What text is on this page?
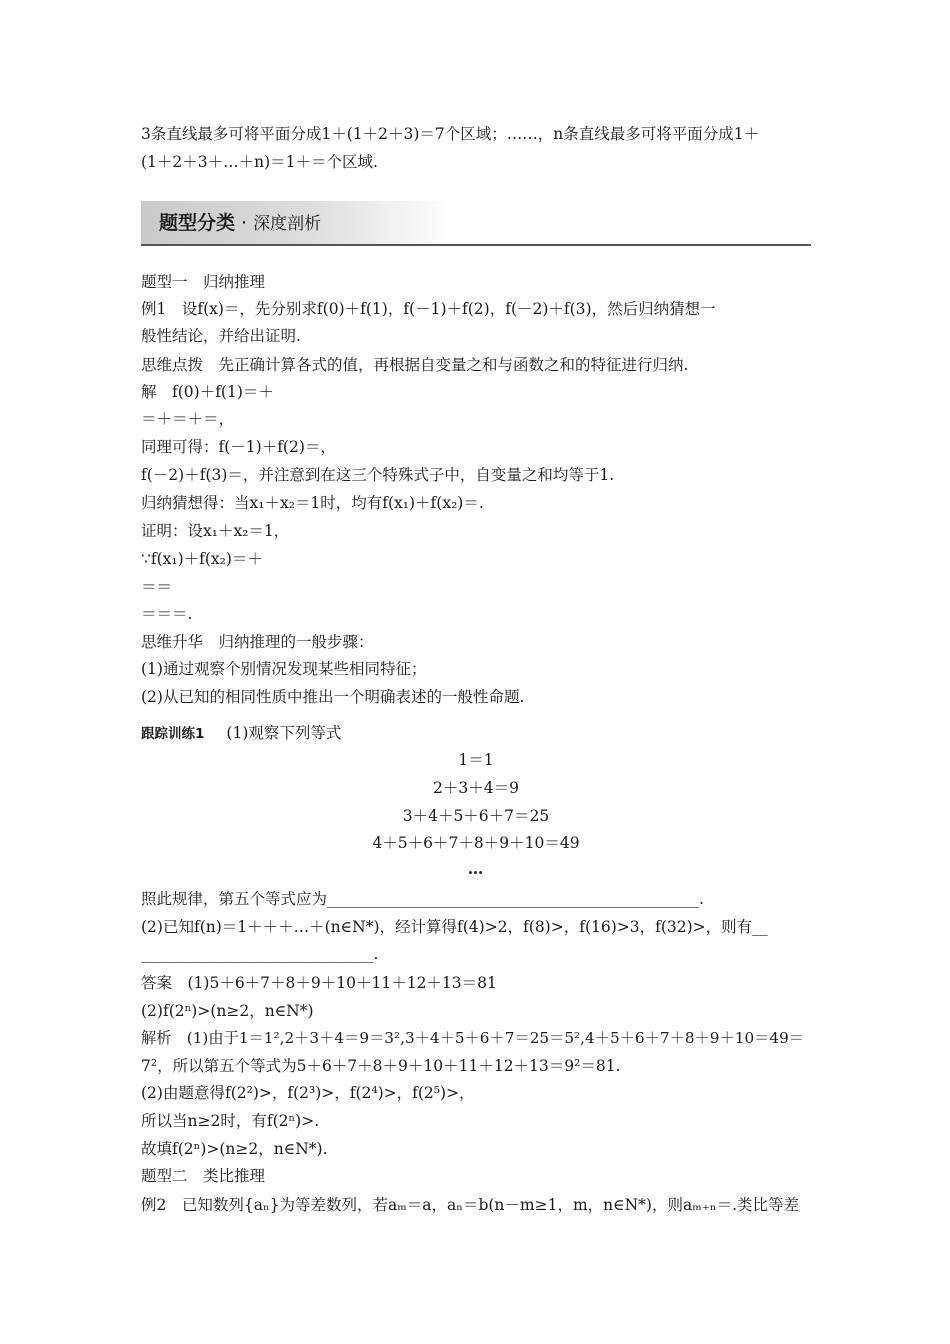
3条直线最多可将平面分成1＋(1＋2＋3)＝7个区域；……，n条直线最多可将平面分成1＋
(1＋2＋3＋…＋n)＝1＋＝个区域.
题型分类 · 深度剖析
题型一　归纳推理
例1　设f(x)＝，先分别求f(0)＋f(1)，f(－1)＋f(2)，f(－2)＋f(3)，然后归纳猜想一
般性结论，并给出证明.
思维点拨　先正确计算各式的值，再根据自变量之和与函数之和的特征进行归纳.
解　f(0)＋f(1)＝＋
＝＋＝＋＝，
同理可得：f(－1)＋f(2)＝，
f(－2)＋f(3)＝，并注意到在这三个特殊式子中，自变量之和均等于1.
归纳猜想得：当x₁＋x₂＝1时，均有f(x₁)＋f(x₂)＝.
证明：设x₁＋x₂＝1，
∵f(x₁)＋f(x₂)＝＋
＝＝
＝＝＝.
思维升华　归纳推理的一般步骤：
(1)通过观察个别情况发现某些相同特征；
(2)从已知的相同性质中推出一个明确表述的一般性命题.
跟踪训练1 (1)观察下列等式
1＝1
2＋3＋4＝9
3＋4＋5＋6＋7＝25
4＋5＋6＋7＋8＋9＋10＝49
…
照此规律，第五个等式应为________________________________________________.
(2)已知f(n)＝1＋＋＋…＋(n∈N*)，经计算得f(4)>2，f(8)>，f(16)>3，f(32)>，则有__
______________________________.
答案　(1)5＋6＋7＋8＋9＋10＋11＋12＋13＝81
(2)f(2ⁿ)>(n≥2，n∈N*)
解析　(1)由于1＝1²,2＋3＋4＝9＝3²,3＋4＋5＋6＋7＝25＝5²,4＋5＋6＋7＋8＋9＋10＝49＝
7²，所以第五个等式为5＋6＋7＋8＋9＋10＋11＋12＋13＝9²＝81.
(2)由题意得f(2²)>，f(2³)>，f(2⁴)>，f(2⁵)>，
所以当n≥2时，有f(2ⁿ)>.
故填f(2ⁿ)>(n≥2，n∈N*).
题型二　类比推理
例2　已知数列{aₙ}为等差数列，若aₘ＝a，aₙ＝b(n－m≥1，m，n∈N*)，则aₘ₊ₙ＝.类比等差
